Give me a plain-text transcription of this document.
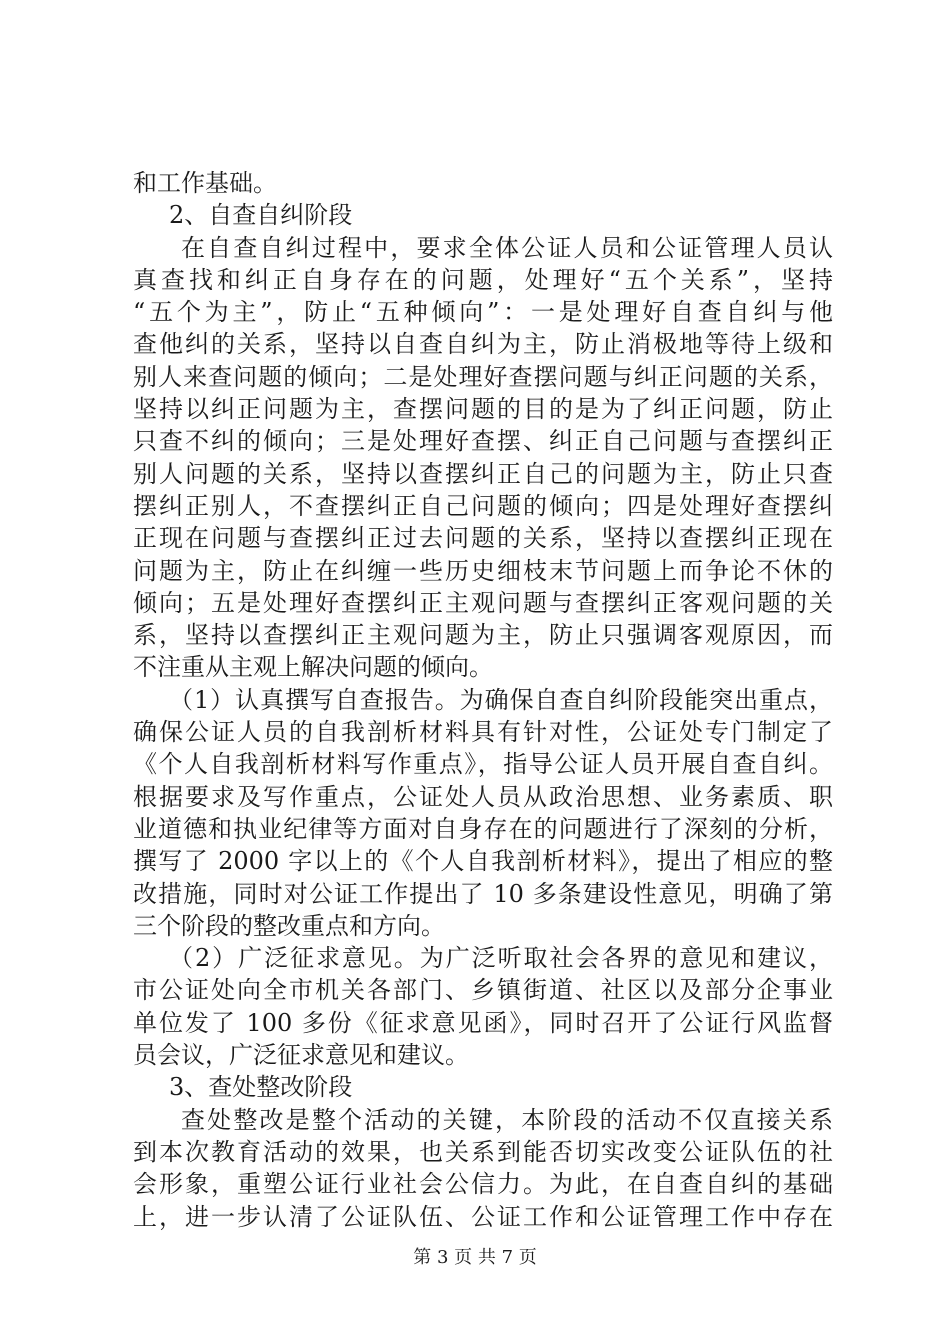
和工作基础。
2、自查自纠阶段
在自查自纠过程中，要求全体公证人员和公证管理人员认
真查找和纠正自身存在的问题，处理好“五个关系”，坚持
“五个为主”，防止“五种倾向”：一是处理好自查自纠与他
查他纠的关系，坚持以自查自纠为主，防止消极地等待上级和
别人来查问题的倾向；二是处理好查摆问题与纠正问题的关系，
坚持以纠正问题为主，查摆问题的目的是为了纠正问题，防止
只查不纠的倾向；三是处理好查摆、纠正自己问题与查摆纠正
别人问题的关系，坚持以查摆纠正自己的问题为主，防止只查
摆纠正别人，不查摆纠正自己问题的倾向；四是处理好查摆纠
正现在问题与查摆纠正过去问题的关系，坚持以查摆纠正现在
问题为主，防止在纠缠一些历史细枝末节问题上而争论不休的
倾向；五是处理好查摆纠正主观问题与查摆纠正客观问题的关
系，坚持以查摆纠正主观问题为主，防止只强调客观原因，而
不注重从主观上解决问题的倾向。
（1）认真撰写自查报告。为确保自查自纠阶段能突出重点，
确保公证人员的自我剖析材料具有针对性，公证处专门制定了
《个人自我剖析材料写作重点》，指导公证人员开展自查自纠。
根据要求及写作重点，公证处人员从政治思想、业务素质、职
业道德和执业纪律等方面对自身存在的问题进行了深刻的分析，
撰写了 2000 字以上的《个人自我剖析材料》，提出了相应的整
改措施，同时对公证工作提出了 10 多条建设性意见，明确了第
三个阶段的整改重点和方向。
（2）广泛征求意见。为广泛听取社会各界的意见和建议，
市公证处向全市机关各部门、乡镇街道、社区以及部分企事业
单位发了 100 多份《征求意见函》，同时召开了公证行风监督
员会议，广泛征求意见和建议。
3、查处整改阶段
查处整改是整个活动的关键，本阶段的活动不仅直接关系
到本次教育活动的效果，也关系到能否切实改变公证队伍的社
会形象，重塑公证行业社会公信力。为此，在自查自纠的基础
上，进一步认清了公证队伍、公证工作和公证管理工作中存在
第 3 页 共 7 页
